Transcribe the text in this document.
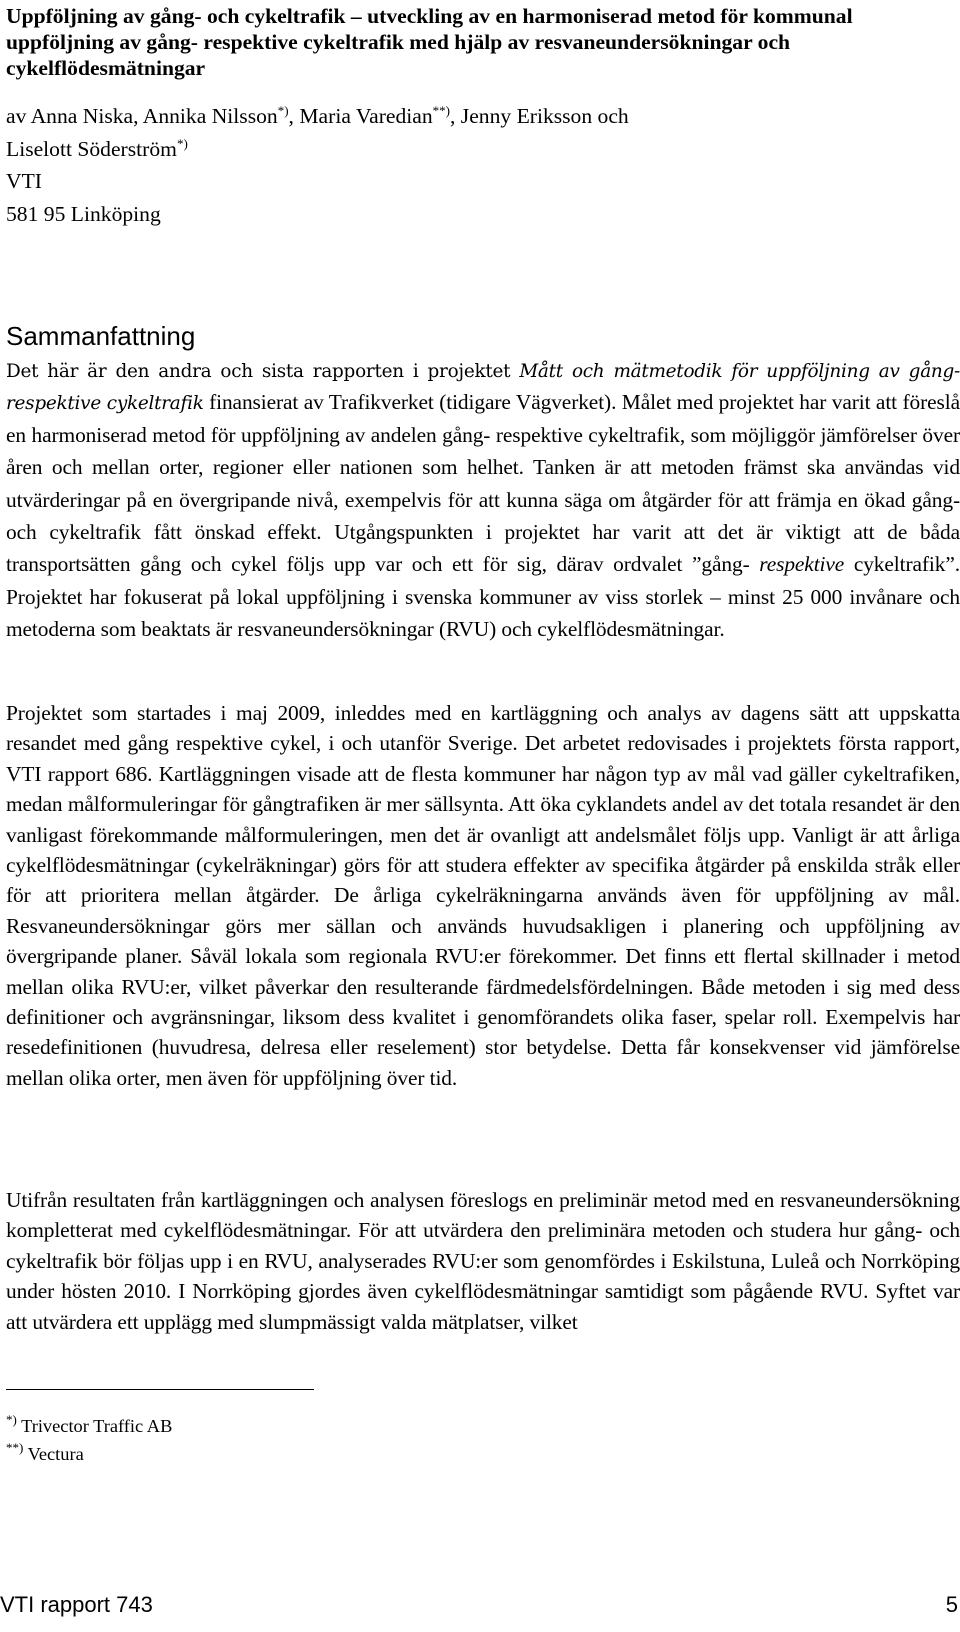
Uppföljning av gång- och cykeltrafik – utveckling av en harmoniserad metod för kommunal uppföljning av gång- respektive cykeltrafik med hjälp av resvaneundersökningar och cykelflödesmätningar
av Anna Niska, Annika Nilsson*), Maria Varedian**), Jenny Eriksson och
Liselott Söderström*)
VTI
581 95 Linköping
Sammanfattning

Det här är den andra och sista rapporten i projektet Mått och mätmetodik för uppföljning av gång- respektive cykeltrafik finansierat av Trafikverket (tidigare Vägverket). Målet med projektet har varit att föreslå en harmoniserad metod för uppföljning av andelen gång- respektive cykeltrafik, som möjliggör jämförelser över åren och mellan orter, regioner eller nationen som helhet. Tanken är att metoden främst ska användas vid utvärderingar på en övergripande nivå, exempelvis för att kunna säga om åtgärder för att främja en ökad gång- och cykeltrafik fått önskad effekt. Utgångspunkten i projektet har varit att det är viktigt att de båda transportsätten gång och cykel följs upp var och ett för sig, därav ordvalet ”gång- respektive cykeltrafik”. Projektet har fokuserat på lokal uppföljning i svenska kommuner av viss storlek – minst 25 000 invånare och metoderna som beaktats är resvaneundersökningar (RVU) och cykelflödesmätningar.

Projektet som startades i maj 2009, inleddes med en kartläggning och analys av dagens sätt att uppskatta resandet med gång respektive cykel, i och utanför Sverige. Det arbetet redovisades i projektets första rapport, VTI rapport 686. Kartläggningen visade att de flesta kommuner har någon typ av mål vad gäller cykeltrafiken, medan målformuleringar för gångtrafiken är mer sällsynta. Att öka cyklandets andel av det totala resandet är den vanligast förekommande målformuleringen, men det är ovanligt att andelsmålet följs upp. Vanligt är att årliga cykelflödesmätningar (cykelräkningar) görs för att studera effekter av specifika åtgärder på enskilda stråk eller för att prioritera mellan åtgärder. De årliga cykelräkningarna används även för uppföljning av mål. Resvaneundersökningar görs mer sällan och används huvudsakligen i planering och uppföljning av övergripande planer. Såväl lokala som regionala RVU:er förekommer. Det finns ett flertal skillnader i metod mellan olika RVU:er, vilket påverkar den resulterande färdmedelsfördelningen. Både metoden i sig med dess definitioner och avgränsningar, liksom dess kvalitet i genomförandets olika faser, spelar roll. Exempelvis har resedefinitionen (huvudresa, delresa eller reselement) stor betydelse. Detta får konsekvenser vid jämförelse mellan olika orter, men även för uppföljning över tid.

Utifrån resultaten från kartläggningen och analysen föreslogs en preliminär metod med en resvaneundersökning kompletterat med cykelflödesmätningar. För att utvärdera den preliminära metoden och studera hur gång- och cykeltrafik bör följas upp i en RVU, analyserades RVU:er som genomfördes i Eskilstuna, Luleå och Norrköping under hösten 2010. I Norrköping gjordes även cykelflödesmätningar samtidigt som pågående RVU. Syftet var att utvärdera ett upplägg med slumpmässigt valda mätplatser, vilket

*) Trivector Traffic AB
**) Vectura
VTI rapport 743	5
